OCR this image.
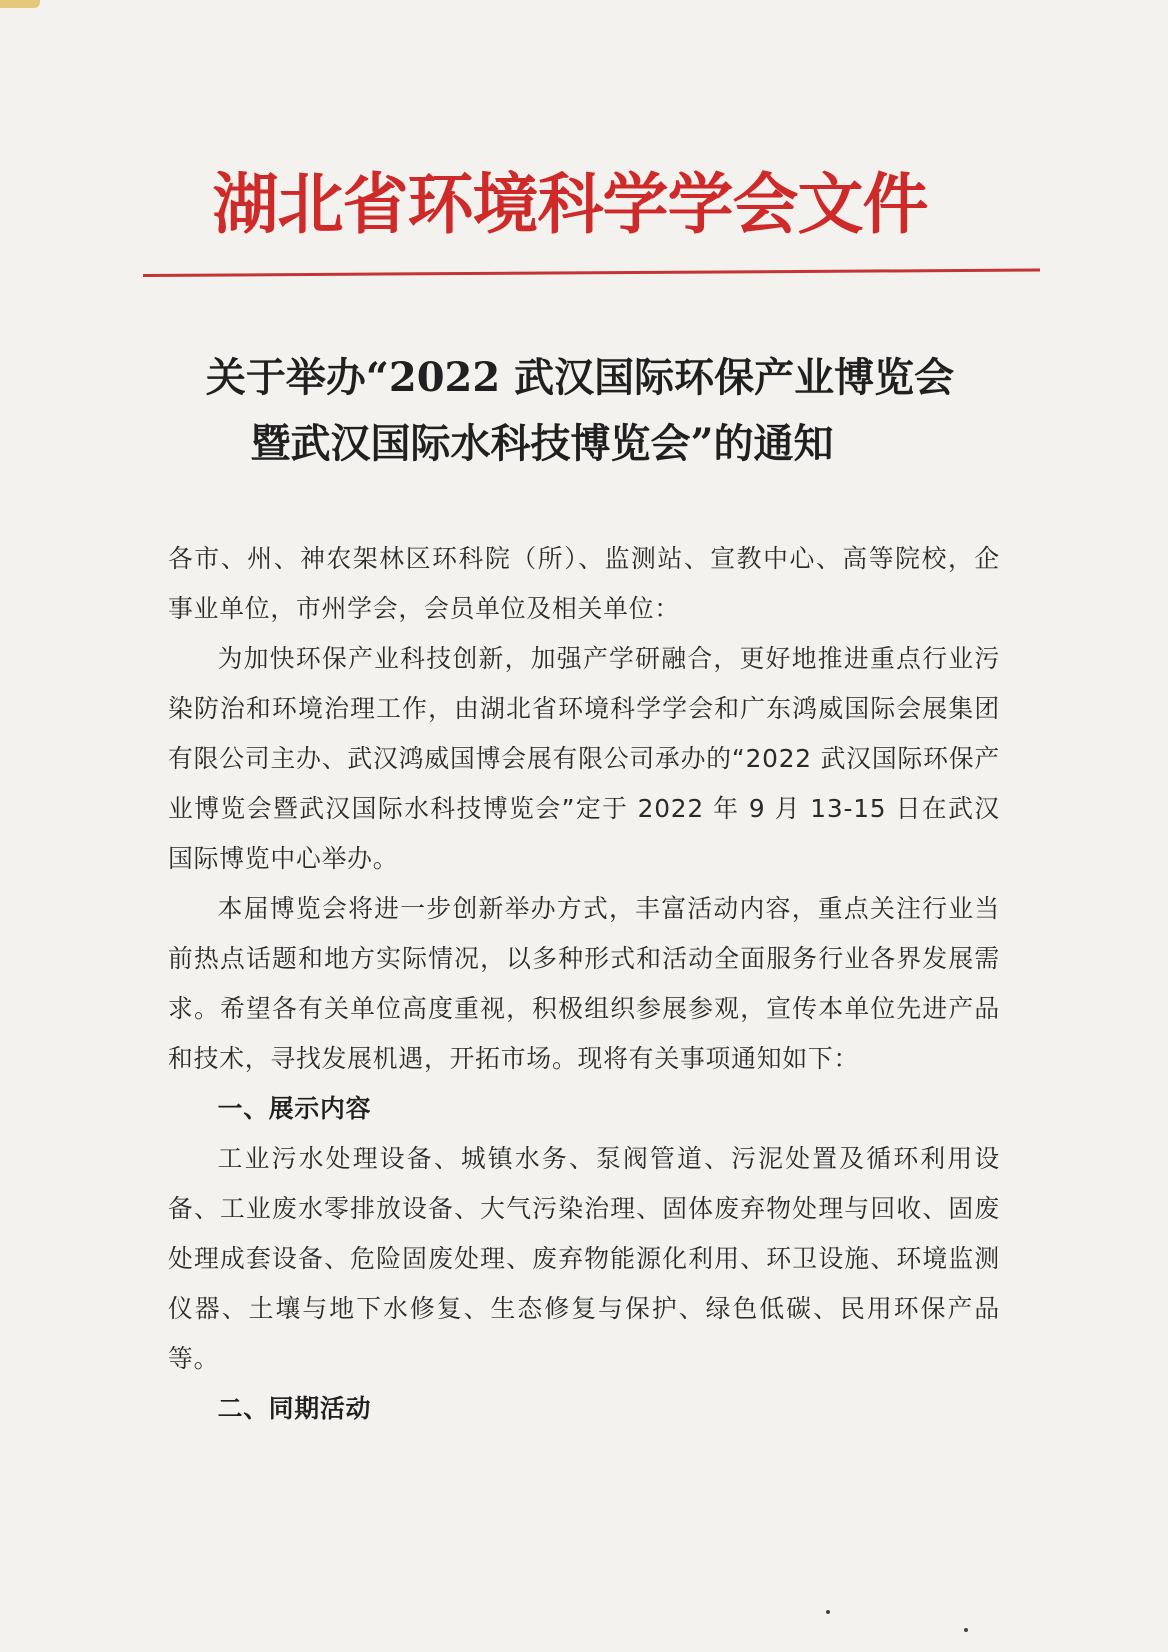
湖北省环境科学学会文件
关于举办“2022 武汉国际环保产业博览会
暨武汉国际水科技博览会”的通知

各市、州、神农架林区环科院（所）、监测站、宣教中心、高等院校，企事业单位，市州学会，会员单位及相关单位：

为加快环保产业科技创新，加强产学研融合，更好地推进重点行业污染防治和环境治理工作，由湖北省环境科学学会和广东鸿威国际会展集团有限公司主办、武汉鸿威国博会展有限公司承办的“2022 武汉国际环保产业博览会暨武汉国际水科技博览会”定于 2022 年 9 月 13-15 日在武汉国际博览中心举办。

本届博览会将进一步创新举办方式，丰富活动内容，重点关注行业当前热点话题和地方实际情况，以多种形式和活动全面服务行业各界发展需求。希望各有关单位高度重视，积极组织参展参观，宣传本单位先进产品和技术，寻找发展机遇，开拓市场。现将有关事项通知如下：

一、展示内容

工业污水处理设备、城镇水务、泵阀管道、污泥处置及循环利用设备、工业废水零排放设备、大气污染治理、固体废弃物处理与回收、固废处理成套设备、危险固废处理、废弃物能源化利用、环卫设施、环境监测仪器、土壤与地下水修复、生态修复与保护、绿色低碳、民用环保产品等。

二、同期活动
